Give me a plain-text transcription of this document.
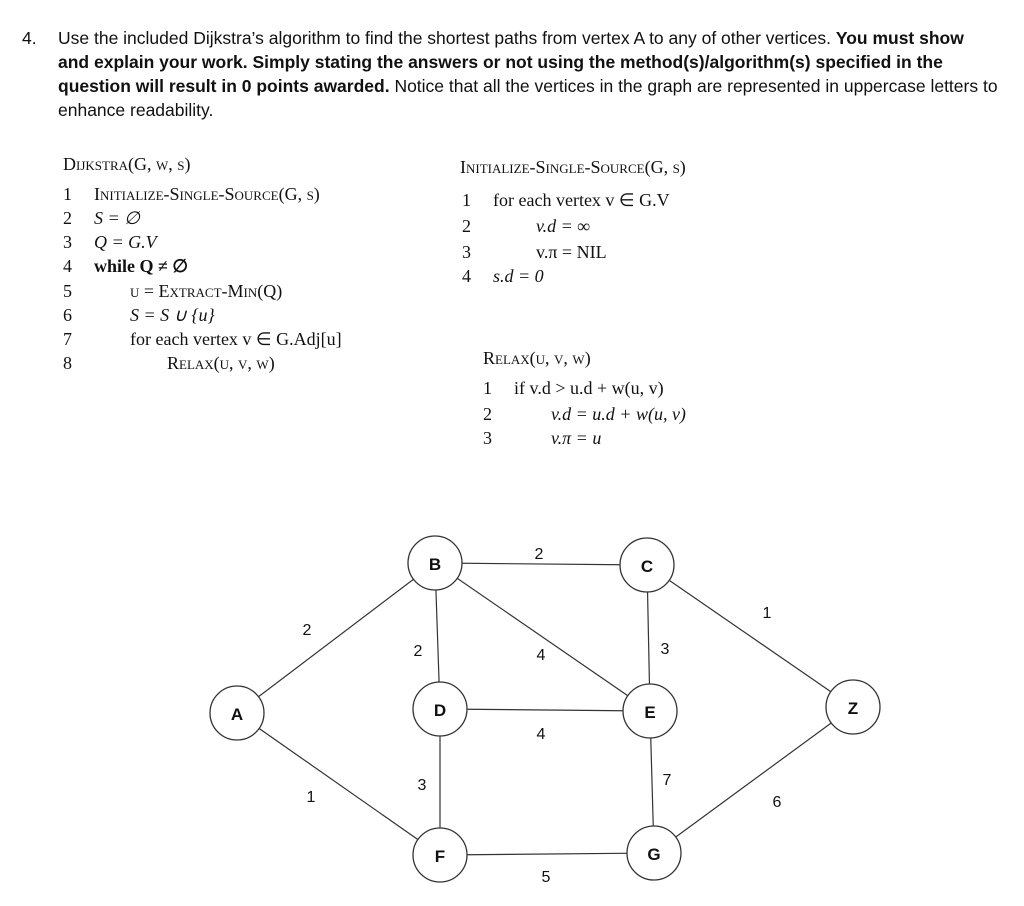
4. Use the included Dijkstra’s algorithm to find the shortest paths from vertex A to any of other vertices. You must show and explain your work. Simply stating the answers or not using the method(s)/algorithm(s) specified in the question will result in 0 points awarded. Notice that all the vertices in the graph are represented in uppercase letters to enhance readability.
Dijkstra(G, w, s)
1 Initialize-Single-Source(G, s)
2 S = ∅
3 Q = G.V
4 while Q ≠ ∅
5	u = Extract-Min(Q)
6	S = S ∪ {u}
7	for each vertex v ∈ G.Adj[u]
8	Relax(u, v, w)
Initialize-Single-Source(G, s)
1 for each vertex v ∈ G.V
2	v.d = ∞
3	v.π = NIL
4 s.d = 0
Relax(u, v, w)
1 if v.d > u.d + w(u, v)
2	v.d = u.d + w(u, v)
3	v.π = u
2
1
2
2	4	3
1
4
3	7
5
6
A
B	C
D	E
F	G
Z
